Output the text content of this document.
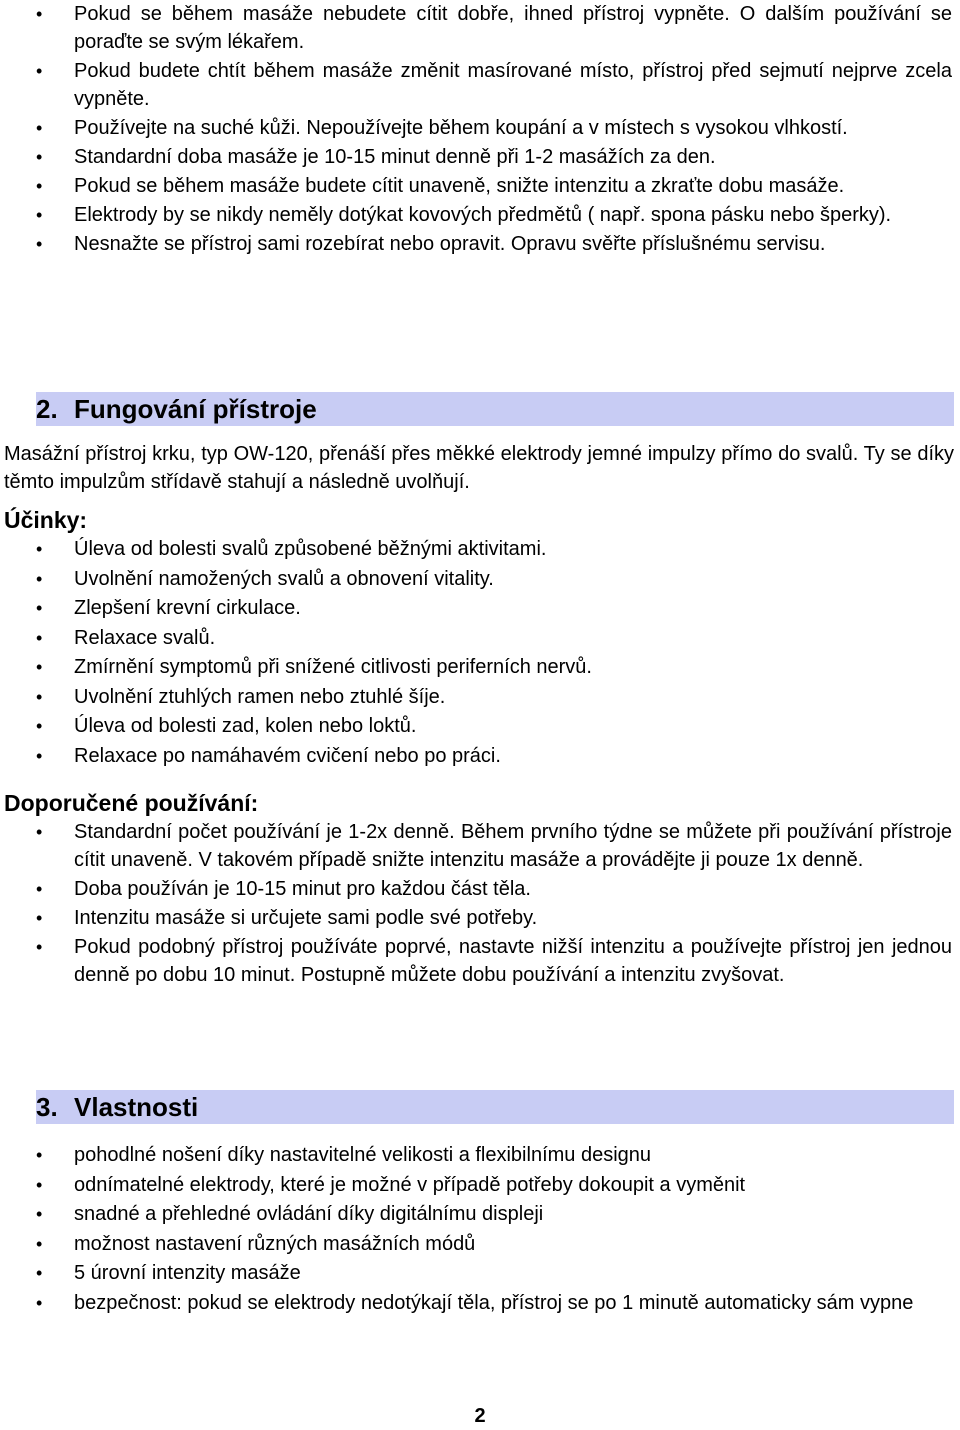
• Pokud se během masáže nebudete cítit dobře, ihned přístroj vypněte. O dalším používání se poraďte se svým lékařem.
• Pokud budete chtít během masáže změnit masírované místo, přístroj před sejmutí nejprve zcela vypněte.
• Používejte na suché kůži. Nepoužívejte během koupání a v místech s vysokou vlhkostí.
• Standardní doba masáže je 10-15 minut denně při 1-2 masážích za den.
• Pokud se během masáže budete cítit unaveně, snižte intenzitu a zkraťte dobu masáže.
• Elektrody by se nikdy neměly dotýkat kovových předmětů ( např. spona pásku nebo šperky).
• Nesnažte se přístroj sami rozebírat nebo opravit. Opravu svěřte příslušnému servisu.
2. Fungování přístroje

Masážní přístroj krku, typ OW-120, přenáší přes měkké elektrody jemné impulzy přímo do svalů. Ty se díky těmto impulzům střídavě stahují a následně uvolňují.

Účinky:
• Úleva od bolesti svalů způsobené běžnými aktivitami.
• Uvolnění namožených svalů a obnovení vitality.
• Zlepšení krevní cirkulace.
• Relaxace svalů.
• Zmírnění symptomů při snížené citlivosti periferních nervů.
• Uvolnění ztuhlých ramen nebo ztuhlé šíje.
• Úleva od bolesti zad, kolen nebo loktů.
• Relaxace po namáhavém cvičení nebo po práci.
Doporučené používání:
• Standardní počet používání je 1-2x denně. Během prvního týdne se můžete při používání přístroje cítit unaveně. V takovém případě snižte intenzitu masáže a provádějte ji pouze 1x denně.
• Doba používán je 10-15 minut pro každou část těla.
• Intenzitu masáže si určujete sami podle své potřeby.
• Pokud podobný přístroj používáte poprvé, nastavte nižší intenzitu a používejte přístroj jen jednou denně po dobu 10 minut. Postupně můžete dobu používání a intenzitu zvyšovat.
3. Vlastnosti
• pohodlné nošení díky nastavitelné velikosti a flexibilnímu designu
• odnímatelné elektrody, které je možné v případě potřeby dokoupit a vyměnit
• snadné a přehledné ovládání díky digitálnímu displeji
• možnost nastavení různých masážních módů
• 5 úrovní intenzity masáže
• bezpečnost: pokud se elektrody nedotýkají těla, přístroj se po 1 minutě automaticky sám vypne
2
